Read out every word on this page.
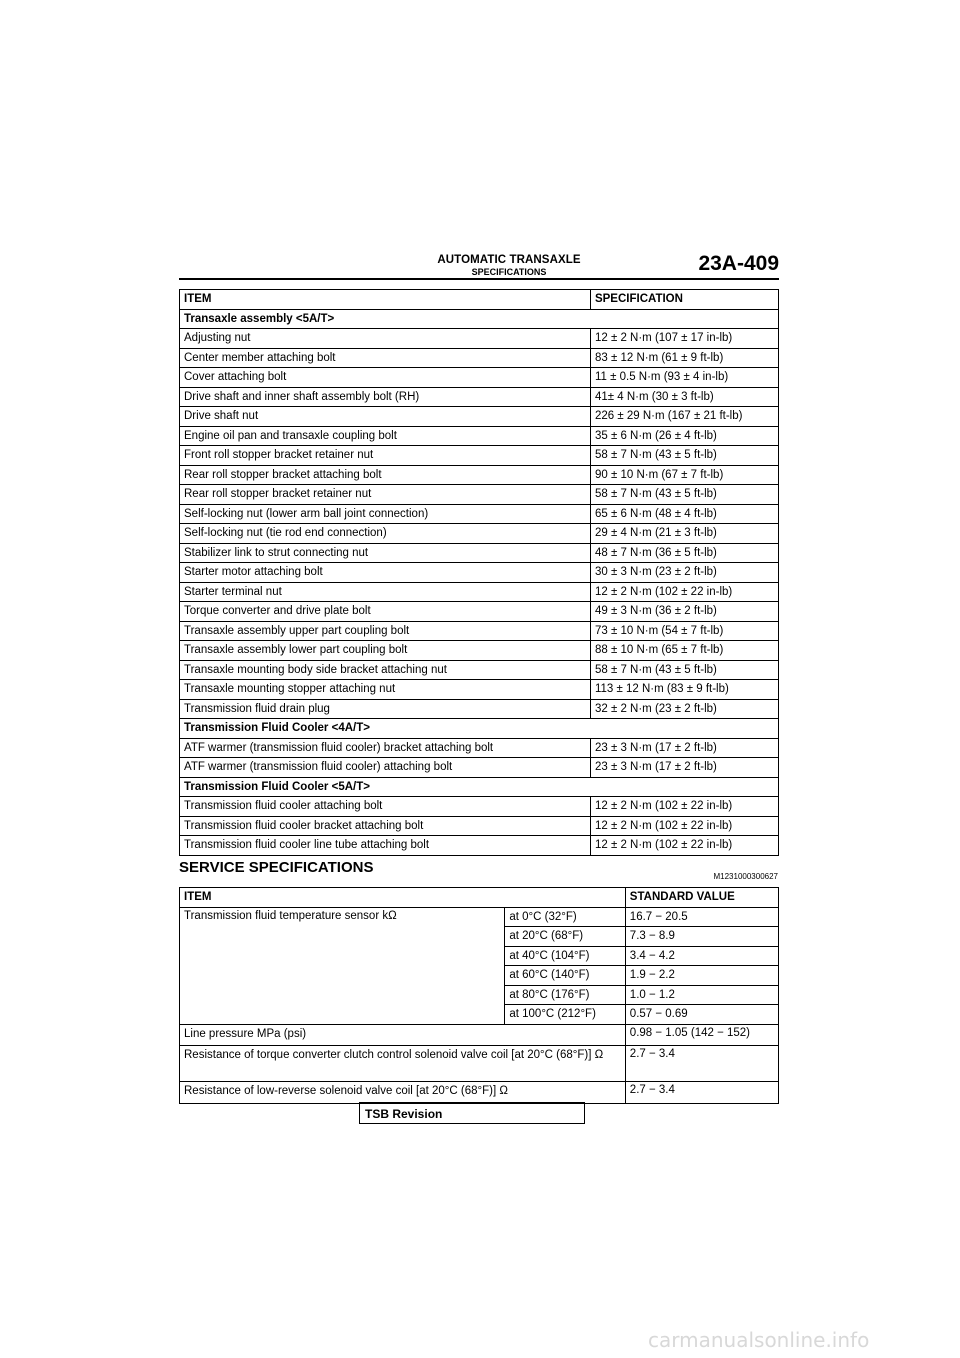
AUTOMATIC TRANSAXLE
SPECIFICATIONS	23A-409
ITEM	SPECIFICATION
Transaxle assembly <5A/T>	
Adjusting nut	12 ± 2 N·m (107 ± 17 in-lb)
Center member attaching bolt	83 ± 12 N·m (61 ± 9 ft-lb)
Cover attaching bolt	11 ± 0.5 N·m (93 ± 4 in-lb)
Drive shaft and inner shaft assembly bolt (RH)	41± 4 N·m (30 ± 3 ft-lb)
Drive shaft nut	226 ± 29 N·m (167 ± 21 ft-lb)
Engine oil pan and transaxle coupling bolt	35 ± 6 N·m (26 ± 4 ft-lb)
Front roll stopper bracket retainer nut	58 ± 7 N·m (43 ± 5 ft-lb)
Rear roll stopper bracket attaching bolt	90 ± 10 N·m (67 ± 7 ft-lb)
Rear roll stopper bracket retainer nut	58 ± 7 N·m (43 ± 5 ft-lb)
Self-locking nut (lower arm ball joint connection)	65 ± 6 N·m (48 ± 4 ft-lb)
Self-locking nut (tie rod end connection)	29 ± 4 N·m (21 ± 3 ft-lb)
Stabilizer link to strut connecting nut	48 ± 7 N·m (36 ± 5 ft-lb)
Starter motor attaching bolt	30 ± 3 N·m (23 ± 2 ft-lb)
Starter terminal nut	12 ± 2 N·m (102 ± 22 in-lb)
Torque converter and drive plate bolt	49 ± 3 N·m (36 ± 2 ft-lb)
Transaxle assembly upper part coupling bolt	73 ± 10 N·m (54 ± 7 ft-lb)
Transaxle assembly lower part coupling bolt	88 ± 10 N·m (65 ± 7 ft-lb)
Transaxle mounting body side bracket attaching nut	58 ± 7 N·m (43 ± 5 ft-lb)
Transaxle mounting stopper attaching nut	113 ± 12 N·m (83 ± 9 ft-lb)
Transmission fluid drain plug	32 ± 2 N·m (23 ± 2 ft-lb)
Transmission Fluid Cooler <4A/T>	
ATF warmer (transmission fluid cooler) bracket attaching bolt	23 ± 3 N·m (17 ± 2 ft-lb)
ATF warmer (transmission fluid cooler) attaching bolt	23 ± 3 N·m (17 ± 2 ft-lb)
Transmission Fluid Cooler <5A/T>	
Transmission fluid cooler attaching bolt	12 ± 2 N·m (102 ± 22 in-lb)
Transmission fluid cooler bracket attaching bolt	12 ± 2 N·m (102 ± 22 in-lb)
Transmission fluid cooler line tube attaching bolt	12 ± 2 N·m (102 ± 22 in-lb)
SERVICE SPECIFICATIONS
M1231000300627
ITEM		STANDARD VALUE
Transmission fluid temperature sensor kΩ	at 0°C (32°F)	16.7 − 20.5
	at 20°C (68°F)	7.3 − 8.9
	at 40°C (104°F)	3.4 − 4.2
	at 60°C (140°F)	1.9 − 2.2
	at 80°C (176°F)	1.0 − 1.2
	at 100°C (212°F)	0.57 − 0.69
Line pressure MPa (psi)		0.98 − 1.05 (142 − 152)
Resistance of torque converter clutch control solenoid valve coil [at 20°C (68°F)] Ω		2.7 − 3.4
Resistance of low-reverse solenoid valve coil [at 20°C (68°F)] Ω		2.7 − 3.4
TSB Revision
carmanualsonline.info
